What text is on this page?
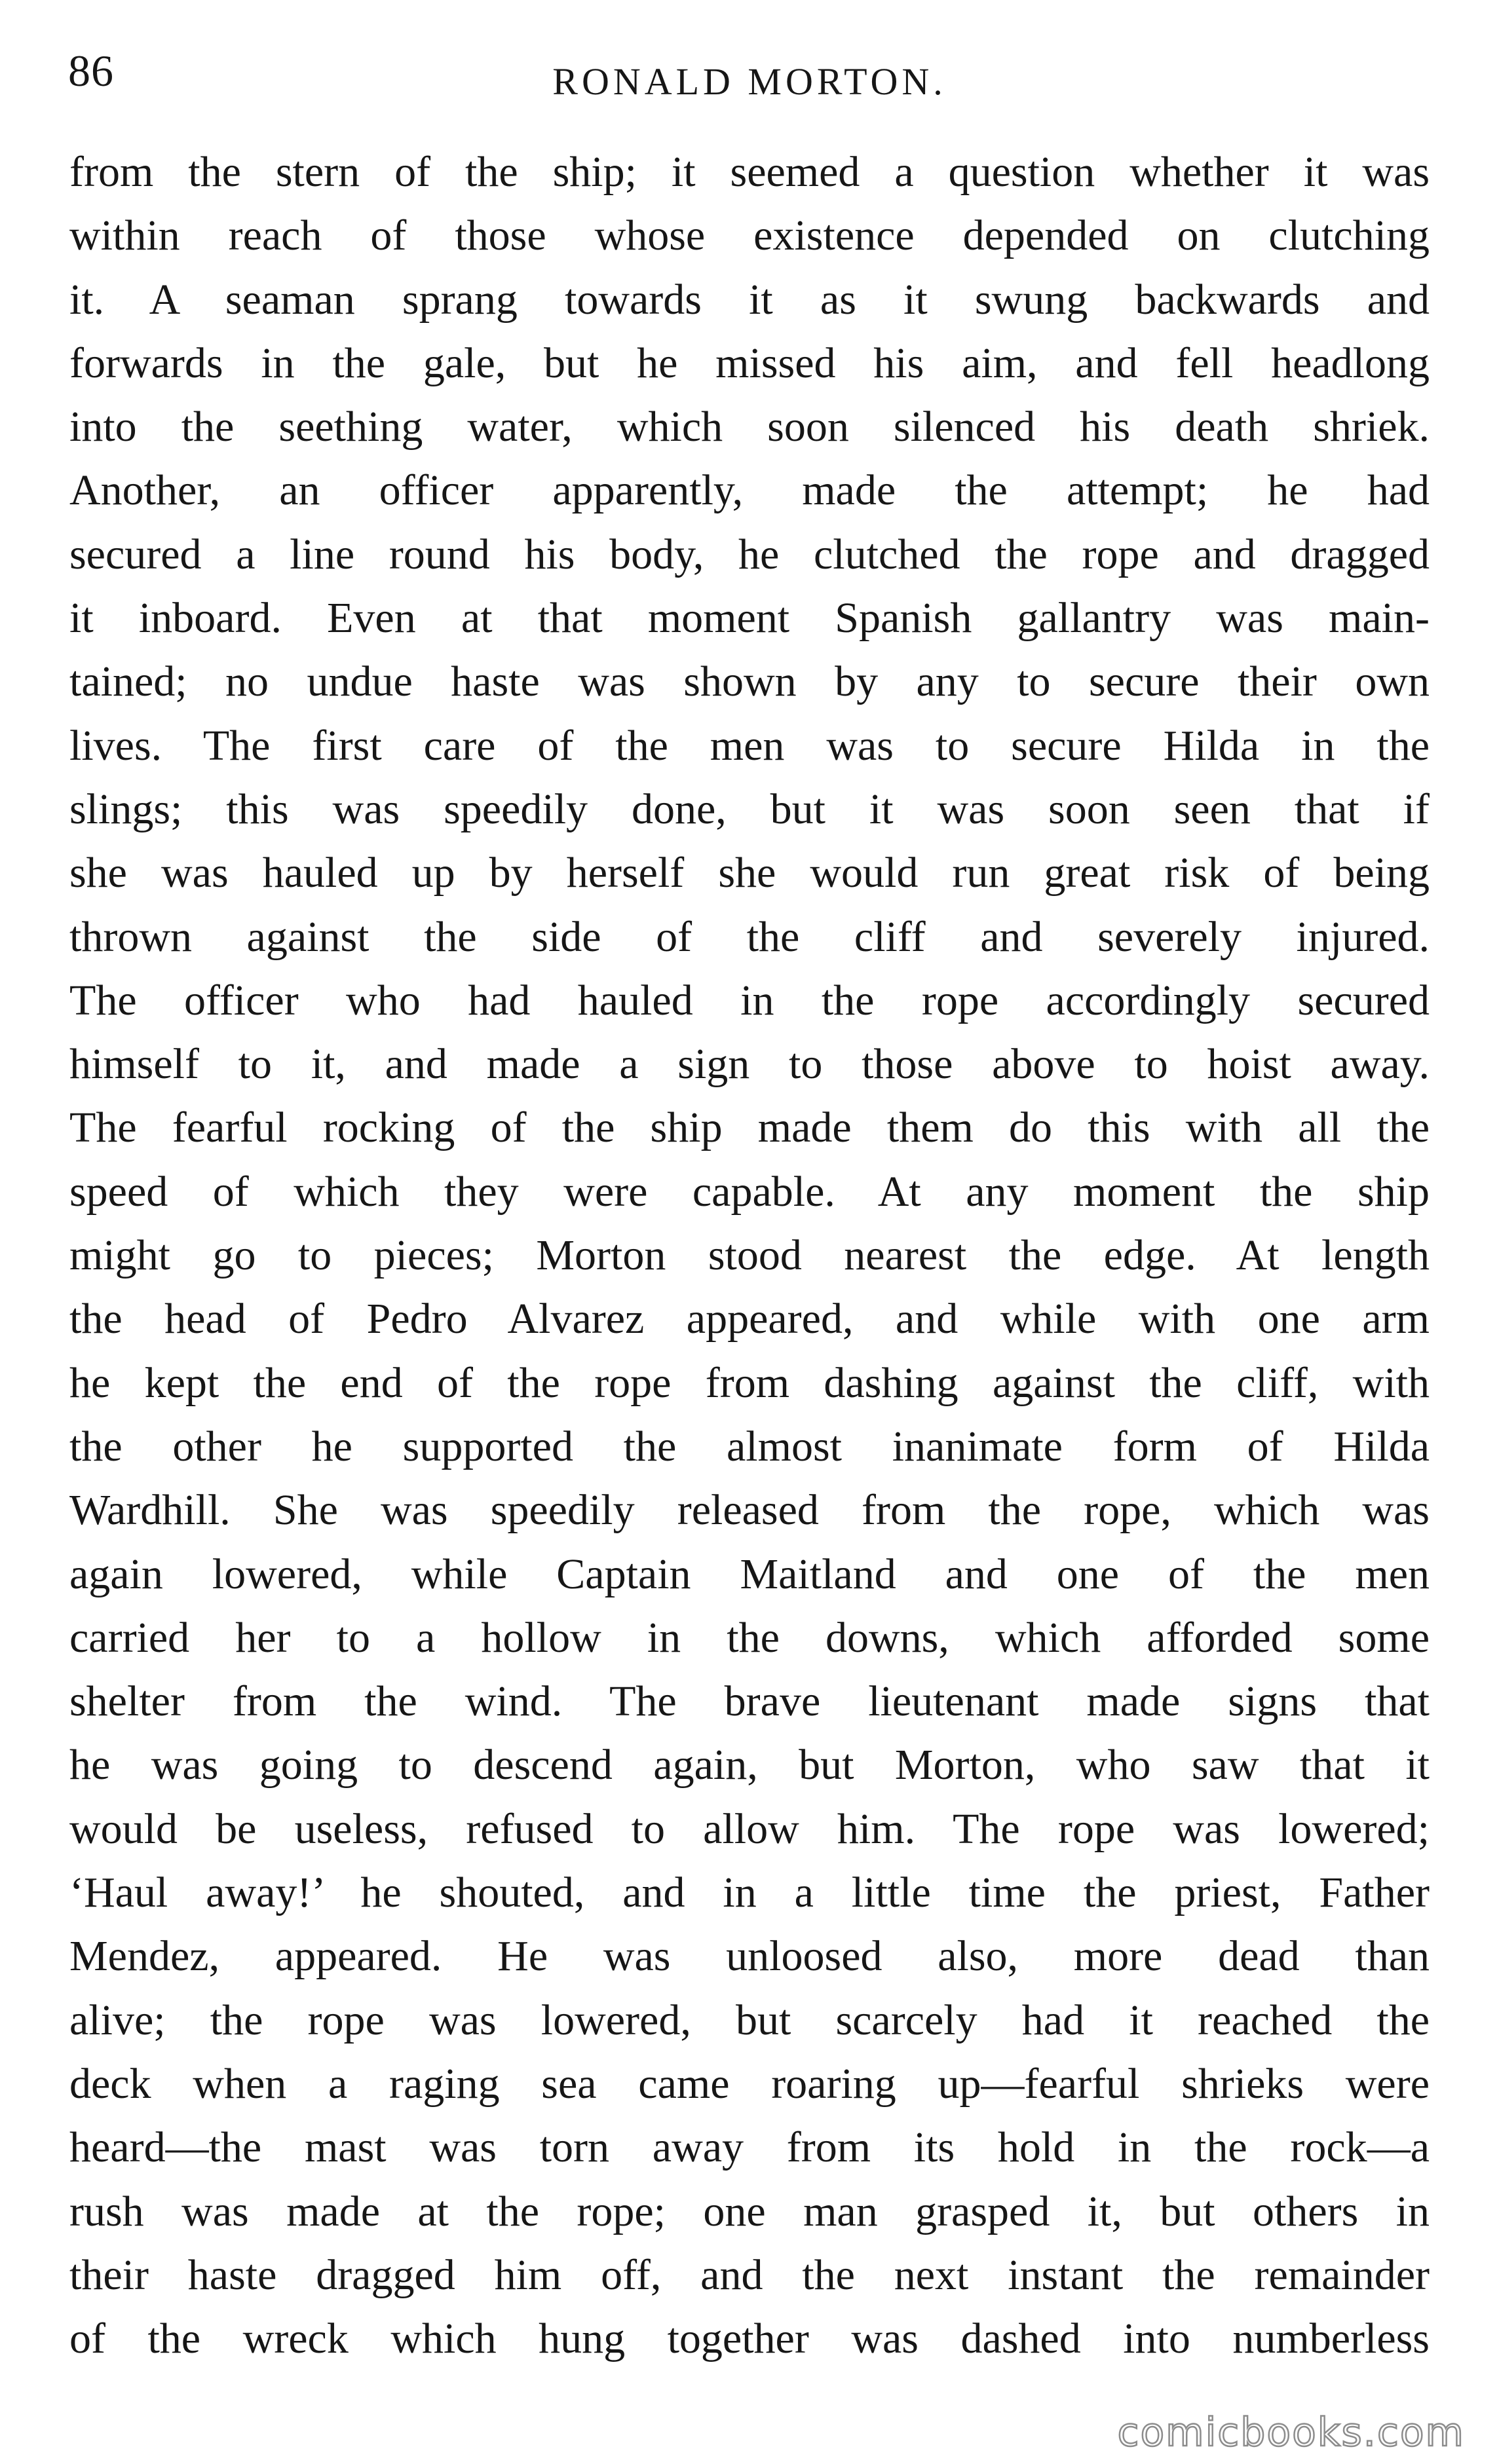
86	RONALD MORTON.
from the stern of the ship; it seemed a question whether it was
within reach of those whose existence depended on clutching
it. A seaman sprang towards it as it swung backwards and
forwards in the gale, but he missed his aim, and fell headlong
into the seething water, which soon silenced his death shriek.
Another, an officer apparently, made the attempt; he had
secured a line round his body, he clutched the rope and dragged
it inboard. Even at that moment Spanish gallantry was main-
tained; no undue haste was shown by any to secure their own
lives. The first care of the men was to secure Hilda in the
slings; this was speedily done, but it was soon seen that if
she was hauled up by herself she would run great risk of being
thrown against the side of the cliff and severely injured.
The officer who had hauled in the rope accordingly secured
himself to it, and made a sign to those above to hoist away.
The fearful rocking of the ship made them do this with all the
speed of which they were capable. At any moment the ship
might go to pieces; Morton stood nearest the edge. At length
the head of Pedro Alvarez appeared, and while with one arm
he kept the end of the rope from dashing against the cliff, with
the other he supported the almost inanimate form of Hilda
Wardhill. She was speedily released from the rope, which was
again lowered, while Captain Maitland and one of the men
carried her to a hollow in the downs, which afforded some
shelter from the wind. The brave lieutenant made signs that
he was going to descend again, but Morton, who saw that it
would be useless, refused to allow him. The rope was lowered;
‘Haul away!’ he shouted, and in a little time the priest, Father
Mendez, appeared. He was unloosed also, more dead than
alive; the rope was lowered, but scarcely had it reached the
deck when a raging sea came roaring up—fearful shrieks were
heard—the mast was torn away from its hold in the rock—a
rush was made at the rope; one man grasped it, but others in
their haste dragged him off, and the next instant the remainder
of the wreck which hung together was dashed into numberless
comicbooks.com
